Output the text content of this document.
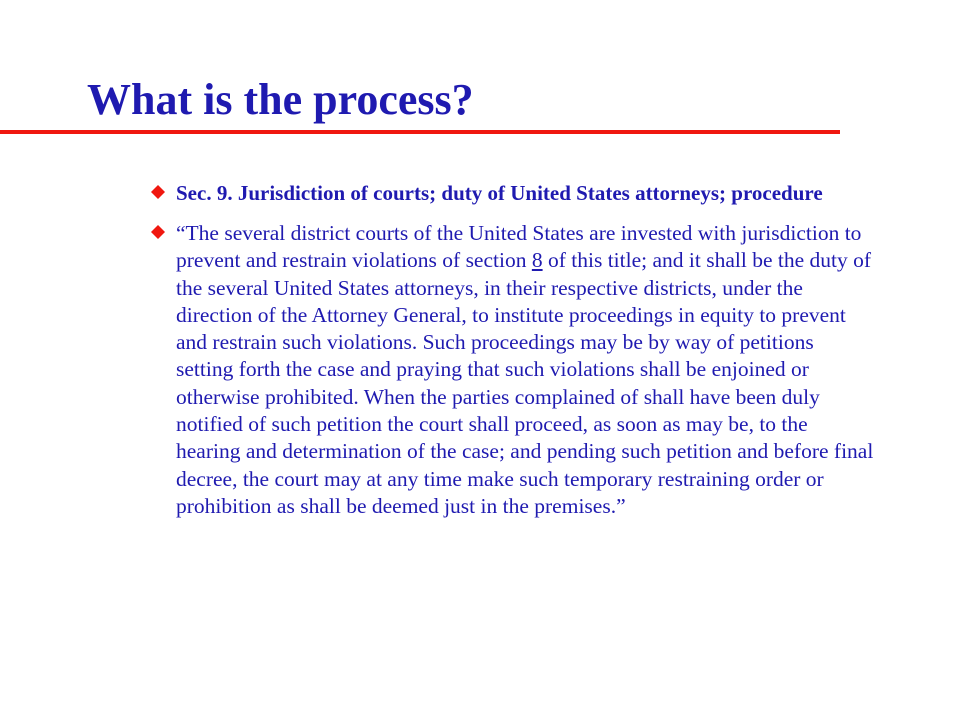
What is the process?
Sec. 9. Jurisdiction of courts; duty of United States attorneys; procedure
“The several district courts of the United States are invested with jurisdiction to prevent and restrain violations of section 8 of this title; and it shall be the duty of the several United States attorneys, in their respective districts, under the direction of the Attorney General, to institute proceedings in equity to prevent and restrain such violations. Such proceedings may be by way of petitions setting forth the case and praying that such violations shall be enjoined or otherwise prohibited. When the parties complained of shall have been duly notified of such petition the court shall proceed, as soon as may be, to the hearing and determination of the case; and pending such petition and before final decree, the court may at any time make such temporary restraining order or prohibition as shall be deemed just in the premises.”
